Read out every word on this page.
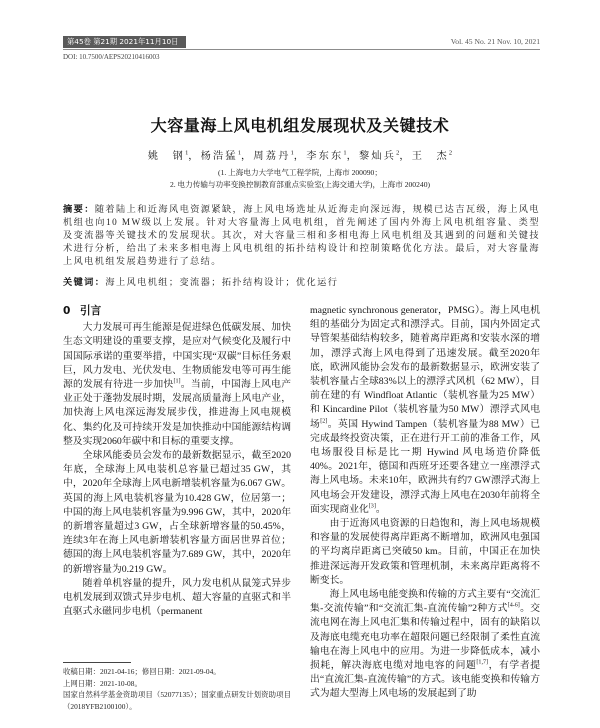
第45卷 第21期 2021年11月10日	Vol. 45 No. 21 Nov. 10, 2021
DOI: 10.7500/AEPS20210416003
大容量海上风电机组发展现状及关键技术
姚　钢$^1$，杨浩猛$^1$，周荔丹$^1$，李东东$^1$，黎灿兵$^2$，王　杰$^2$
(1. 上海电力大学电气工程学院，上海市 200090；
2. 电力传输与功率变换控制教育部重点实验室(上海交通大学)，上海市 200240)
摘要：随着陆上和近海风电资源紧缺，海上风电场选址从近海走向深远海，规模已达吉瓦级，海上风电机组也向10 MW级以上发展。针对大容量海上风电机组，首先阐述了国内外海上风电机组容量、类型及变流器等关键技术的发展现状。其次，对大容量三相和多相电海上风电机组及其遇到的问题和关键技术进行分析，给出了未来多相电海上风电机组的拓扑结构设计和控制策略优化方法。最后，对大容量海上风电机组发展趋势进行了总结。
关键词：海上风电机组；变流器；拓扑结构设计；优化运行
0 引言

大力发展可再生能源是促进绿色低碳发展、加快生态文明建设的重要支撑，是应对气候变化及履行中国国际承诺的重要举措，中国实现“双碳”目标任务艰巨，风力发电、光伏发电、生物质能发电等可再生能源的发展有待进一步加快[1]。当前，中国海上风电产业正处于蓬勃发展时期，发展高质量海上风电产业，加快海上风电深远海发展步伐，推进海上风电规模化、集约化及可持续开发是加快推动中国能源结构调整及实现2060年碳中和目标的重要支撑。

全球风能委员会发布的最新数据显示，截至2020年底，全球海上风电装机总容量已超过35 GW，其中，2020年全球海上风电新增装机容量为6.067 GW。英国的海上风电装机容量为10.428 GW，位居第一；中国的海上风电装机容量为9.996 GW，其中，2020年的新增容量超过3 GW，占全球新增容量的50.45%，连续3年在海上风电新增装机容量方面居世界首位；德国的海上风电装机容量为7.689 GW，其中，2020年的新增容量为0.219 GW。

随着单机容量的提升，风力发电机从鼠笼式异步电机发展到双馈式异步电机、超大容量的直驱式和半直驱式永磁同步电机（permanent

magnetic synchronous generator，PMSG）。海上风电机组的基础分为固定式和漂浮式。目前，国内外固定式导管架基础结构较多，随着离岸距离和安装水深的增加，漂浮式海上风电得到了迅速发展。截至2020年底，欧洲风能协会发布的最新数据显示，欧洲安装了装机容量占全球83%以上的漂浮式风机（62 MW），目前在建的有 Windfloat Atlantic（装机容量为25 MW）和 Kincardine Pilot（装机容量为50 MW）漂浮式风电场[2]。英国 Hywind Tampen（装机容量为88 MW）已完成最终投资决策，正在进行开工前的准备工作，风电场服役目标是比一期 Hywind 风电场造价降低40%。2021年，德国和西班牙还要各建立一座漂浮式海上风电场。未来10年，欧洲共有约7 GW漂浮式海上风电场会开发建设，漂浮式海上风电在2030年前将全面实现商业化[3]。

由于近海风电资源的日趋饱和，海上风电场规模和容量的发展使得离岸距离不断增加，欧洲风电强国的平均离岸距离已突破50 km。目前，中国正在加快推进深远海开发政策和管理机制，未来离岸距离将不断变长。

海上风电场电能变换和传输的方式主要有“交流汇集-交流传输”和“交流汇集-直流传输”2种方式[4-6]。交流电网在海上风电汇集和传输过程中，固有的缺陷以及海底电缆充电功率在超限问题已经限制了柔性直流输电在海上风电中的应用。为进一步降低成本，减小损耗，解决海底电缆对地电容的问题[1,7]，有学者提出“直流汇集-直流传输”的方式。该电能变换和传输方式为超大型海上风电场的发展起到了助

收稿日期：2021-04-16；修回日期：2021-09-04。
上网日期：2021-10-08。
国家自然科学基金资助项目（52077135）；国家重点研发计划资助项目（2018YFB2100100）。
